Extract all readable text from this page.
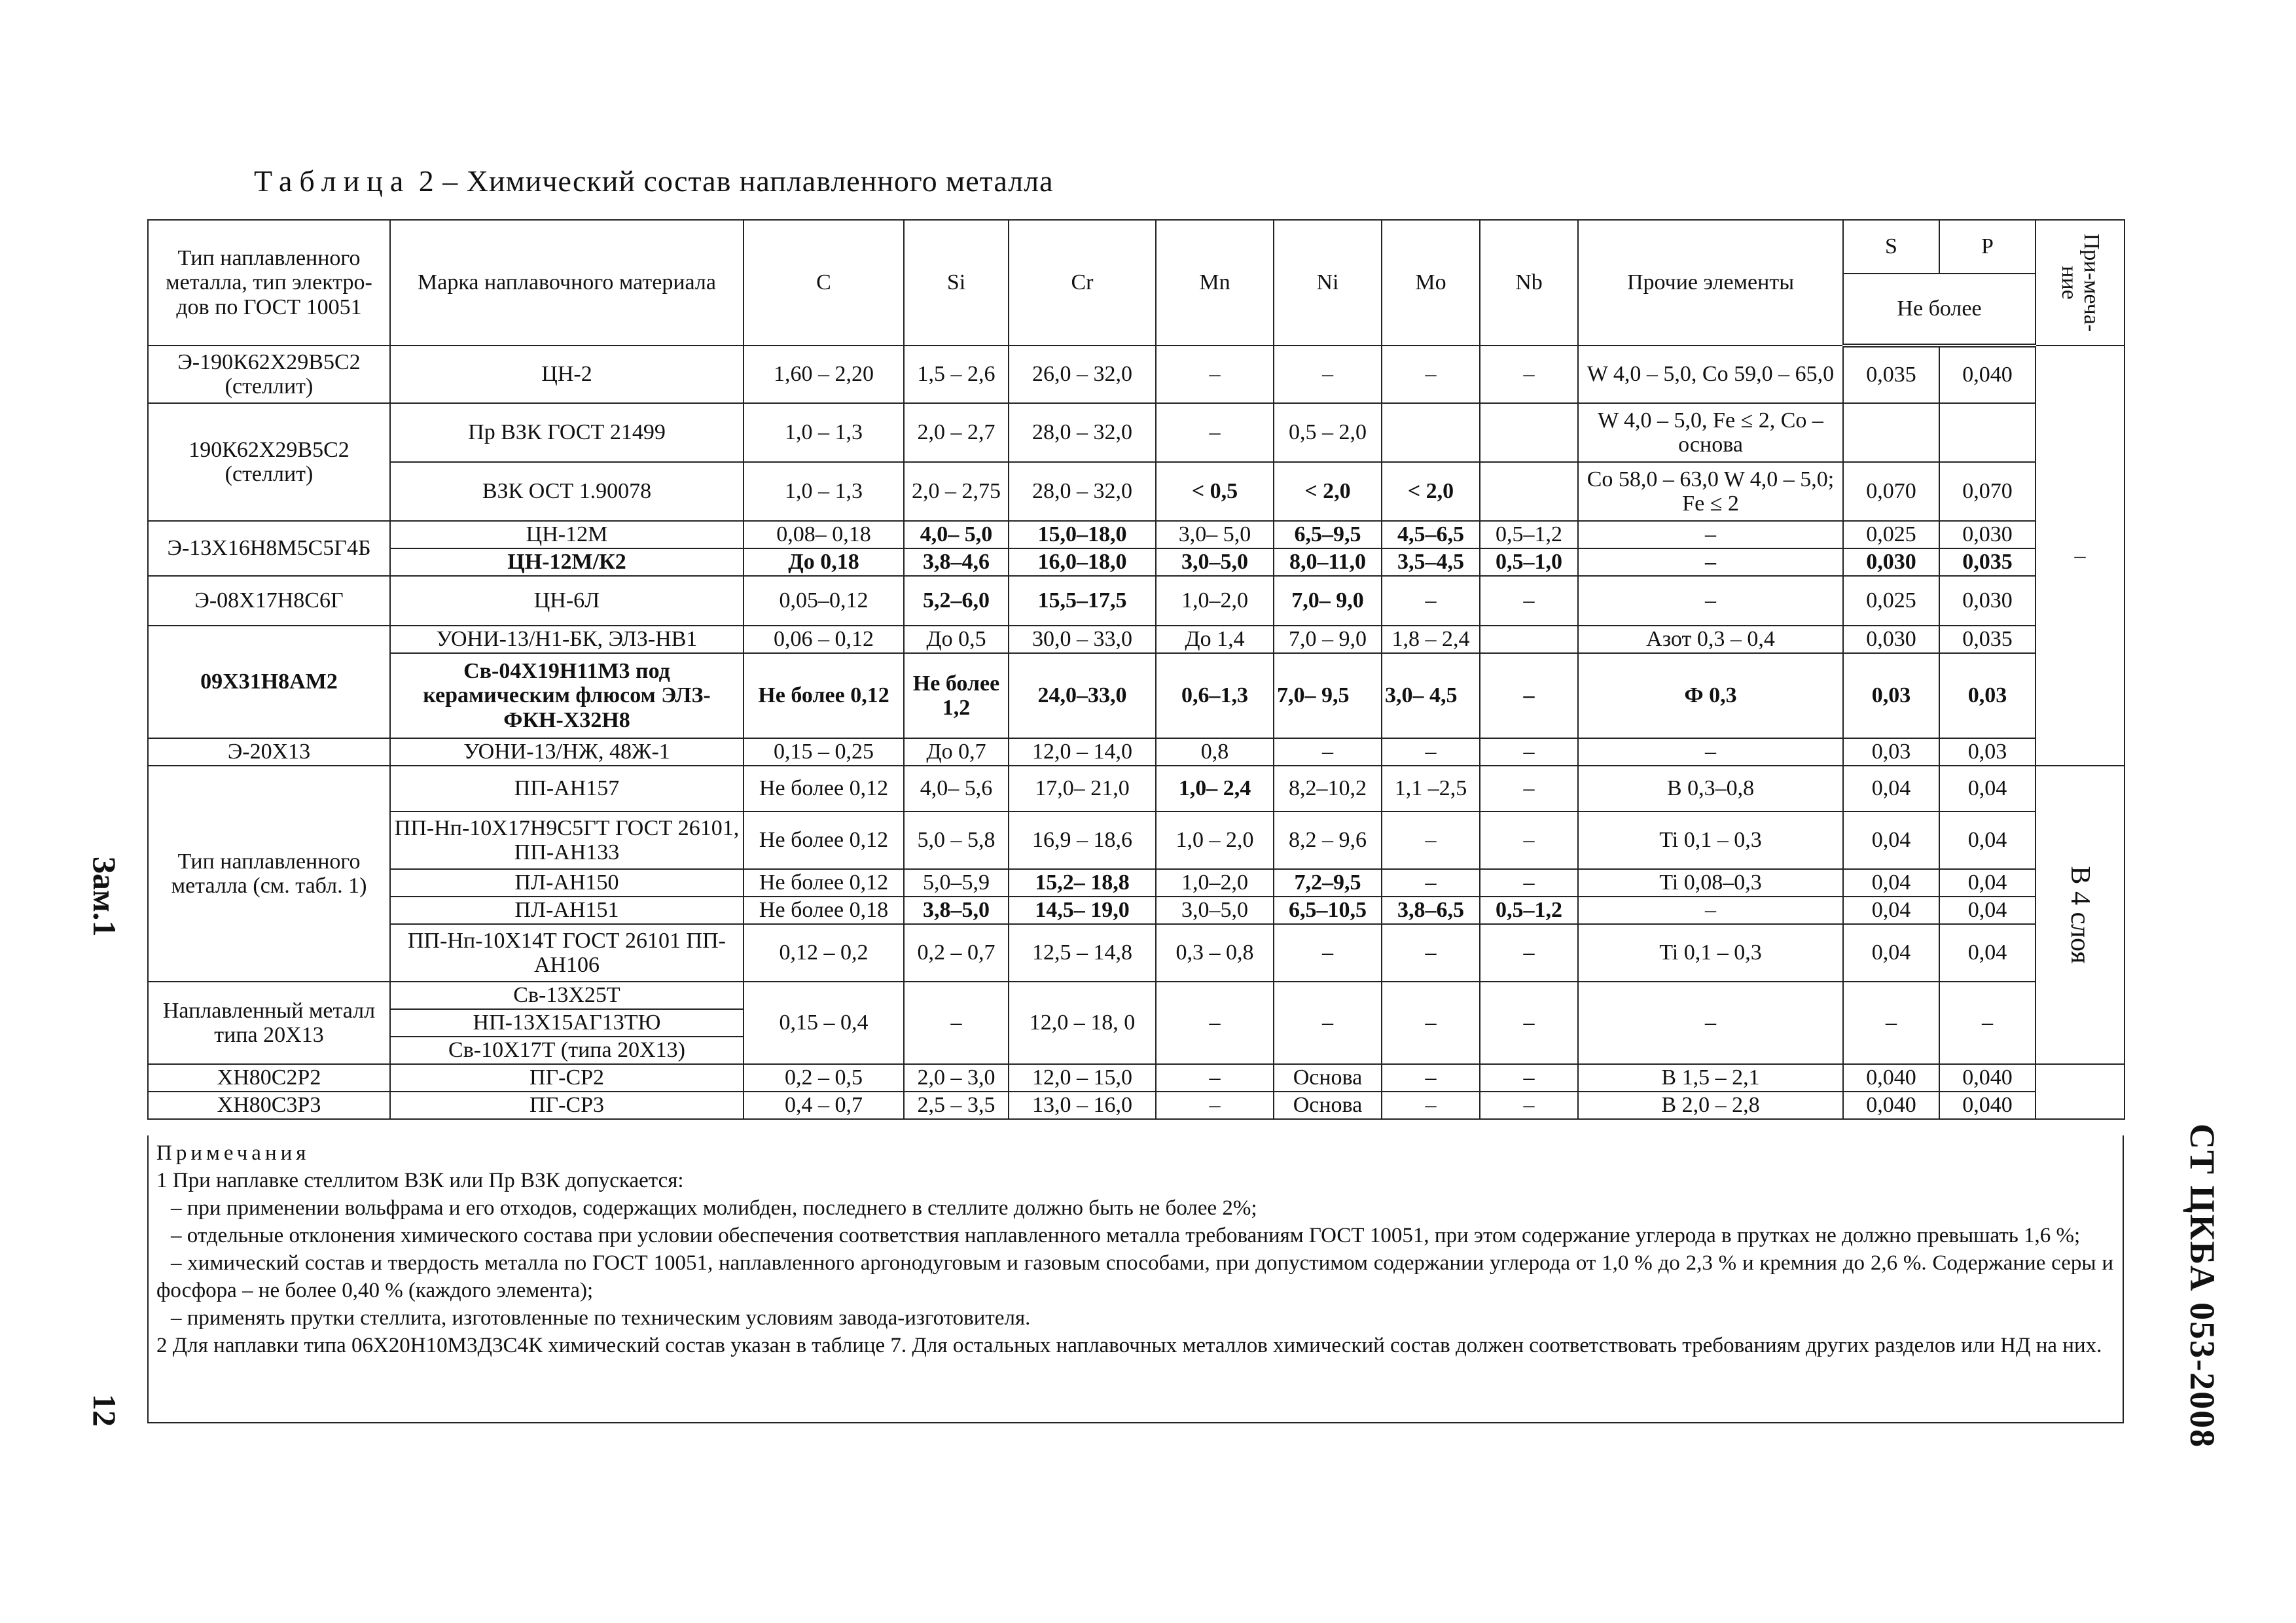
Таблица 2 – Химический состав наплавленного металла
Зам.1
12	СТ ЦКБА 053-2008
Тип наплавленного металла, тип электро-дов по ГОСТ 10051	Марка наплавочного материала	C	Si	Cr	Mn	Ni	Mo	Nb	Прочие элементы	S	P	При-меча-ние

										Не более		
Э-190К62Х29В5С2 (стеллит)	ЦН-2	1,60 – 2,20	1,5 – 2,6	26,0 – 32,0	–	–	–	–	W 4,0 – 5,0, Co 59,0 – 65,0	0,035	0,040	–

190К62Х29В5С2 (стеллит)	Пр ВЗК ГОСТ 21499	1,0 – 1,3	2,0 – 2,7	28,0 – 32,0	–	0,5 – 2,0			W 4,0 – 5,0, Fe ≤ 2, Co – основа			
	ВЗК ОСТ 1.90078	1,0 – 1,3	2,0 – 2,75	28,0 – 32,0	< 0,5	< 2,0	< 2,0		Co 58,0 – 63,0 W 4,0 – 5,0; Fe ≤ 2	0,070	0,070	
Э-13Х16Н8М5С5Г4Б	ЦН-12М	0,08– 0,18	4,0– 5,0	15,0–18,0	3,0– 5,0	6,5–9,5	4,5–6,5	0,5–1,2	–	0,025	0,030	
	ЦН-12М/К2	До 0,18	3,8–4,6	16,0–18,0	3,0–5,0	8,0–11,0	3,5–4,5	0,5–1,0	–	0,030	0,035	
Э-08Х17Н8С6Г	ЦН-6Л	0,05–0,12	5,2–6,0	15,5–17,5	1,0–2,0	7,0– 9,0	–	–	–	0,025	0,030	
09Х31Н8АМ2	УОНИ-13/Н1-БК, ЭЛЗ-НВ1	0,06 – 0,12	До 0,5	30,0 – 33,0	До 1,4	7,0 – 9,0	1,8 – 2,4		Азот 0,3 – 0,4	0,030	0,035	
	Св-04Х19Н11М3 под керамическим флюсом ЭЛЗ-ФКН-Х32Н8	Не более 0,12	Не более 1,2	24,0–33,0	0,6–1,3	7,0– 9,5	3,0– 4,5	–	Ф 0,3	0,03	0,03	
Э-20Х13	УОНИ-13/НЖ, 48Ж-1	0,15 – 0,25	До 0,7	12,0 – 14,0	0,8	–	–	–	–	0,03	0,03	
Тип наплавленного металла (см. табл. 1)	ПП-АН157	Не более 0,12	4,0– 5,6	17,0– 21,0	1,0– 2,4	8,2–10,2	1,1 –2,5	–	B 0,3–0,8	0,04	0,04	В 4 слоя

	ПП-Нп-10Х17Н9С5ГТ ГОСТ 26101, ПП-АН133	Не более 0,12	5,0 – 5,8	16,9 – 18,6	1,0 – 2,0	8,2 – 9,6	–	–	Ti 0,1 – 0,3	0,04	0,04	
	ПЛ-АН150	Не более 0,12	5,0–5,9	15,2– 18,8	1,0–2,0	7,2–9,5	–	–	Ti 0,08–0,3	0,04	0,04	
	ПЛ-АН151	Не более 0,18	3,8–5,0	14,5– 19,0	3,0–5,0	6,5–10,5	3,8–6,5	0,5–1,2	–	0,04	0,04	
	ПП-Нп-10Х14Т ГОСТ 26101 ПП-АН106	0,12 – 0,2	0,2 – 0,7	12,5 – 14,8	0,3 – 0,8	–	–	–	Ti 0,1 – 0,3	0,04	0,04	
Наплавленный металл типа 20Х13	Св-13Х25Т	0,15 – 0,4	–	12,0 – 18, 0	–	–	–	–	–	–	–	
	НП-13Х15АГ13ТЮ											
	Св-10Х17Т (типа 20Х13)											
ХН80С2Р2	ПГ-СР2	0,2 – 0,5	2,0 – 3,0	12,0 – 15,0	–	Основа	–	–	B 1,5 – 2,1	0,040	0,040	
ХН80С3Р3	ПГ-СР3	0,4 – 0,7	2,5 – 3,5	13,0 – 16,0	–	Основа	–	–	B 2,0 – 2,8	0,040	0,040	

Примечания

1 При наплавке стеллитом ВЗК или Пр ВЗК допускается:

– при применении вольфрама и его отходов, содержащих молибден, последнего в стеллите должно быть не более 2%;

– отдельные отклонения химического состава при условии обеспечения соответствия наплавленного металла требованиям ГОСТ 10051, при этом содержание углерода в прутках не должно превышать 1,6 %;

– химический состав и твердость металла по ГОСТ 10051, наплавленного аргонодуговым и газовым способами, при допустимом содержании углерода от 1,0 % до 2,3 % и кремния до 2,6 %. Содержание серы и фосфора – не более 0,40 % (каждого элемента);

– применять прутки стеллита, изготовленные по техническим условиям завода-изготовителя.

2 Для наплавки типа 06Х20Н10М3Д3С4К химический состав указан в таблице 7. Для остальных наплавочных металлов химический состав должен соответствовать требованиям других разделов или НД на них.
